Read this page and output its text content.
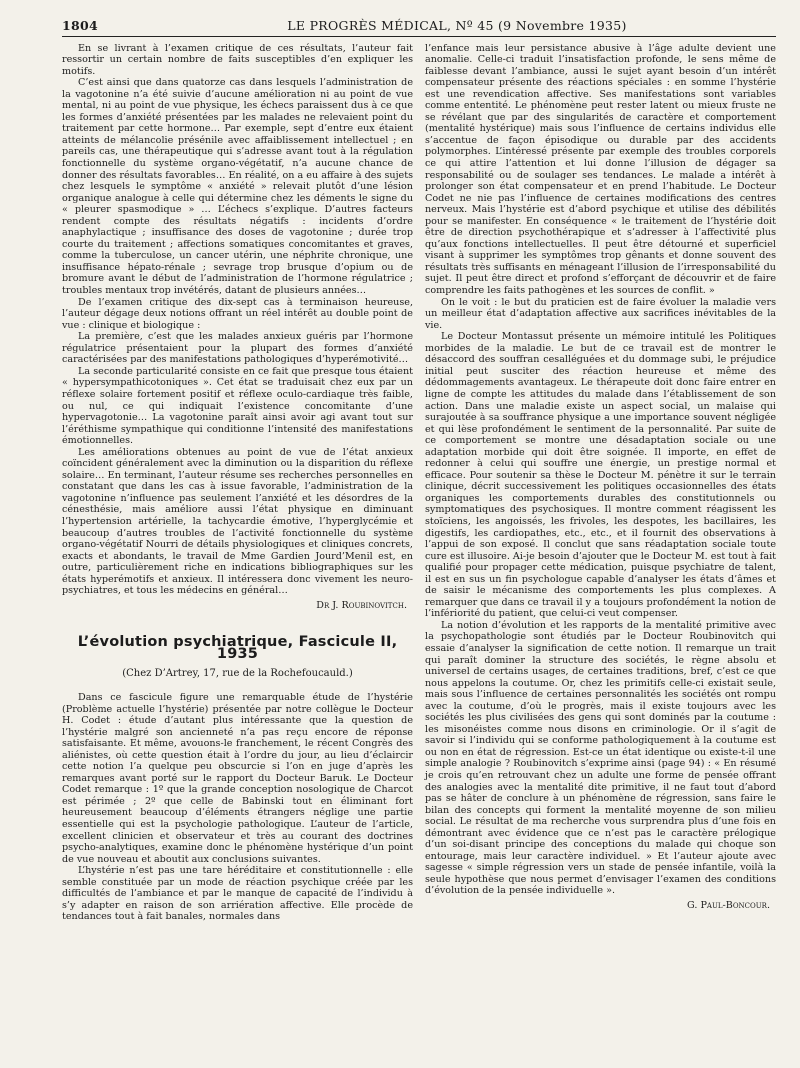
1804	LE PROGRÈS MÉDICAL, Nº 45 (9 Novembre 1935)

En se livrant à l’examen critique de ces résultats, l’auteur fait ressortir un certain nombre de faits susceptibles d’en expliquer les motifs.

C’est ainsi que dans quatorze cas dans lesquels l’administration de la vagotonine n’a été suivie d’aucune amélioration ni au point de vue mental, ni au point de vue physique, les échecs paraissent dus à ce que les formes d’anxiété présentées par les malades ne relevaient point du traitement par cette hormone… Par exemple, sept d’entre eux étaient atteints de mélancolie présénile avec affaiblissement intellectuel ; en pareils cas, une thérapeutique qui s’adresse avant tout à la régulation fonctionnelle du système organo-végétatif, n’a aucune chance de donner des résultats favorables… En réalité, on a eu affaire à des sujets chez lesquels le symptôme « anxiété » relevait plutôt d’une lésion organique analogue à celle qui détermine chez les déments le signe du « pleurer spasmodique » … L’échecs s’explique. D’autres facteurs rendent compte des résultats négatifs : incidents d’ordre anaphylactique ; insuffisance des doses de vagotonine ; durée trop courte du traitement ; affections somatiques concomitantes et graves, comme la tuberculose, un cancer utérin, une néphrite chronique, une insuffisance hépato-rénale ; sevrage trop brusque d’opium ou de bromure avant le début de l’administration de l’hormone régulatrice ; troubles mentaux trop invétérés, datant de plusieurs années…

De l’examen critique des dix-sept cas à terminaison heureuse, l’auteur dégage deux notions offrant un réel intérêt au double point de vue : clinique et biologique :

La première, c’est que les malades anxieux guéris par l’hormone régulatrice présentaient pour la plupart des formes d’anxiété caractérisées par des manifestations pathologiques d’hyperémotivité…

La seconde particularité consiste en ce fait que presque tous étaient « hypersympathicotoniques ». Cet état se traduisait chez eux par un réflexe solaire fortement positif et réflexe oculo-cardiaque très faible, ou nul, ce qui indiquait l’existence concomitante d’une hypervagotonie… La vagotonine paraît ainsi avoir agi avant tout sur l’éréthisme sympathique qui conditionne l’intensité des manifestations émotionnelles.

Les améliorations obtenues au point de vue de l’état anxieux coïncident généralement avec la diminution ou la disparition du réflexe solaire… En terminant, l’auteur résume ses recherches personnelles en constatant que dans les cas à issue favorable, l’administration de la vagotonine n’influence pas seulement l’anxiété et les désordres de la cénesthésie, mais améliore aussi l’état physique en diminuant l’hypertension artérielle, la tachycardie émotive, l’hyperglycémie et beaucoup d’autres troubles de l’activité fonctionnelle du système organo-végétatif Nourri de détails physiologiques et cliniques concrets, exacts et abondants, le travail de Mme Gardien Jourd’Menil est, en outre, particulièrement riche en indications bibliographiques sur les états hyperémotifs et anxieux. Il intéressera donc vivement les neuro-psychiatres, et tous les médecins en général…

Dr J. Roubinovitch.

L’évolution psychiatrique, Fascicule II, 1935
(Chez D’Artrey, 17, rue de la Rochefoucauld.)

Dans ce fascicule figure une remarquable étude de l’hystérie (Problème actuelle l’hystérie) présentée par notre collègue le Docteur H. Codet : étude d’autant plus intéressante que la question de l’hystérie malgré son ancienneté n’a pas reçu encore de réponse satisfaisante. Et même, avouons-le franchement, le récent Congrès des aliénistes, où cette question était à l’ordre du jour, au lieu d’éclaircir cette notion l’a quelque peu obscurcie si l’on en juge d’après les remarques avant porté sur le rapport du Docteur Baruk. Le Docteur Codet remarque : 1º que la grande conception nosologique de Charcot est périmée ; 2º que celle de Babinski tout en éliminant fort heureusement beaucoup d’éléments étrangers néglige une partie essentielle qui est la psychologie pathologique. L’auteur de l’article, excellent clinicien et observateur et très au courant des doctrines psycho-analytiques, examine donc le phénomène hystérique d’un point de vue nouveau et aboutit aux conclusions suivantes.

L’hystérie n’est pas une tare héréditaire et constitutionnelle : elle semble constituée par un mode de réaction psychique créée par les difficultés de l’ambiance et par le manque de capacité de l’individu à s’y adapter en raison de son arriération affective. Elle procède de tendances tout à fait banales, normales dans

l’enfance mais leur persistance abusive à l’âge adulte devient une anomalie. Celle-ci traduit l’insatisfaction profonde, le sens même de faiblesse devant l’ambiance, aussi le sujet ayant besoin d’un intérêt compensateur présente des réactions spéciales : en somme l’hystérie est une revendication affective. Ses manifestations sont variables comme ententité. Le phénomène peut rester latent ou mieux fruste ne se révélant que par des singularités de caractère et comportement (mentalité hystérique) mais sous l’influence de certains individus elle s’accentue de façon épisodique ou durable par des accidents polymorphes. L’intéressé présente par exemple des troubles corporels ce qui attire l’attention et lui donne l’illusion de dégager sa responsabilité ou de soulager ses tendances. Le malade a intérêt à prolonger son état compensateur et en prend l’habitude. Le Docteur Codet ne nie pas l’influence de certaines modifications des centres nerveux. Mais l’hystérie est d’abord psychique et utilise des débilités pour se manifester. En conséquence « le traitement de l’hystérie doit être de direction psychothérapique et s’adresser à l’affectivité plus qu’aux fonctions intellectuelles. Il peut être détourné et superficiel visant à supprimer les symptômes trop gênants et donne souvent des résultats très suffisants en ménageant l’illusion de l’irresponsabilité du sujet. Il peut être direct et profond s’efforçant de découvrir et de faire comprendre les faits pathogènes et les sources de conflit. »

On le voit : le but du praticien est de faire évoluer la maladie vers un meilleur état d’adaptation affective aux sacrifices inévitables de la vie.

Le Docteur Montassut présente un mémoire intitulé les Politiques morbides de la maladie. Le but de ce travail est de montrer le désaccord des souffran cesalléguées et du dommage subi, le préjudice initial peut susciter des réaction heureuse et même des dédommagements avantageux. Le thérapeute doit donc faire entrer en ligne de compte les attitudes du malade dans l’établissement de son action. Dans une maladie existe un aspect social, un malaise qui surajoutée à sa souffrance physique a une importance souvent négligée et qui lèse profondément le sentiment de la personnalité. Par suite de ce comportement se montre une désadaptation sociale ou une adaptation morbide qui doit être soignée. Il importe, en effet de redonner à celui qui souffre une énergie, un prestige normal et efficace. Pour soutenir sa thèse le Docteur M. pénètre it sur le terrain clinique, décrit successivement les politiques occasionnelles des états organiques les comportements durables des constitutionnels ou symptomatiques des psychosiques. Il montre comment réagissent les stoïciens, les angoissés, les frivoles, les despotes, les bacillaires, les digestifs, les cardiopathes, etc., etc., et il fournit des observations à l’appui de son exposé. Il conclut que sans réadaptation sociale toute cure est illusoire. Ai-je besoin d’ajouter que le Docteur M. est tout à fait qualifié pour propager cette médication, puisque psychiatre de talent, il est en sus un fin psychologue capable d’analyser les états d’âmes et de saisir le mécanisme des comportements les plus complexes. A remarquer que dans ce travail il y a toujours profondément la notion de l’infériorité du patient, que celui-ci veut compenser.

La notion d’évolution et les rapports de la mentalité primitive avec la psychopathologie sont étudiés par le Docteur Roubinovitch qui essaie d’analyser la signification de cette notion. Il remarque un trait qui paraît dominer la structure des sociétés, le règne absolu et universel de certains usages, de certaines traditions, bref, c’est ce que nous appelons la coutume. Or, chez les primitifs celle-ci existait seule, mais sous l’influence de certaines personnalités les sociétés ont rompu avec la coutume, d’où le progrès, mais il existe toujours avec les sociétés les plus civilisées des gens qui sont dominés par la coutume : les misonéistes comme nous disons en criminologie. Or il s’agit de savoir si l’individu qui se conforme pathologiquement à la coutume est ou non en état de régression. Est-ce un état identique ou existe-t-il une simple analogie ? Roubinovitch s’exprime ainsi (page 94) : « En résumé je crois qu’en retrouvant chez un adulte une forme de pensée offrant des analogies avec la mentalité dite primitive, il ne faut tout d’abord pas se hâter de conclure à un phénomène de régression, sans faire le bilan des concepts qui forment la mentalité moyenne de son milieu social. Le résultat de ma recherche vous surprendra plus d’une fois en démontrant avec évidence que ce n’est pas le caractère prélogique d’un soi-disant principe des conceptions du malade qui choque son entourage, mais leur caractère individuel. » Et l’auteur ajoute avec sagesse « simple régression vers un stade de pensée infantile, voilà la seule hypothèse que nous permet d’envisager l’examen des conditions d’évolution de la pensée individuelle ».

G. Paul-Boncour.
